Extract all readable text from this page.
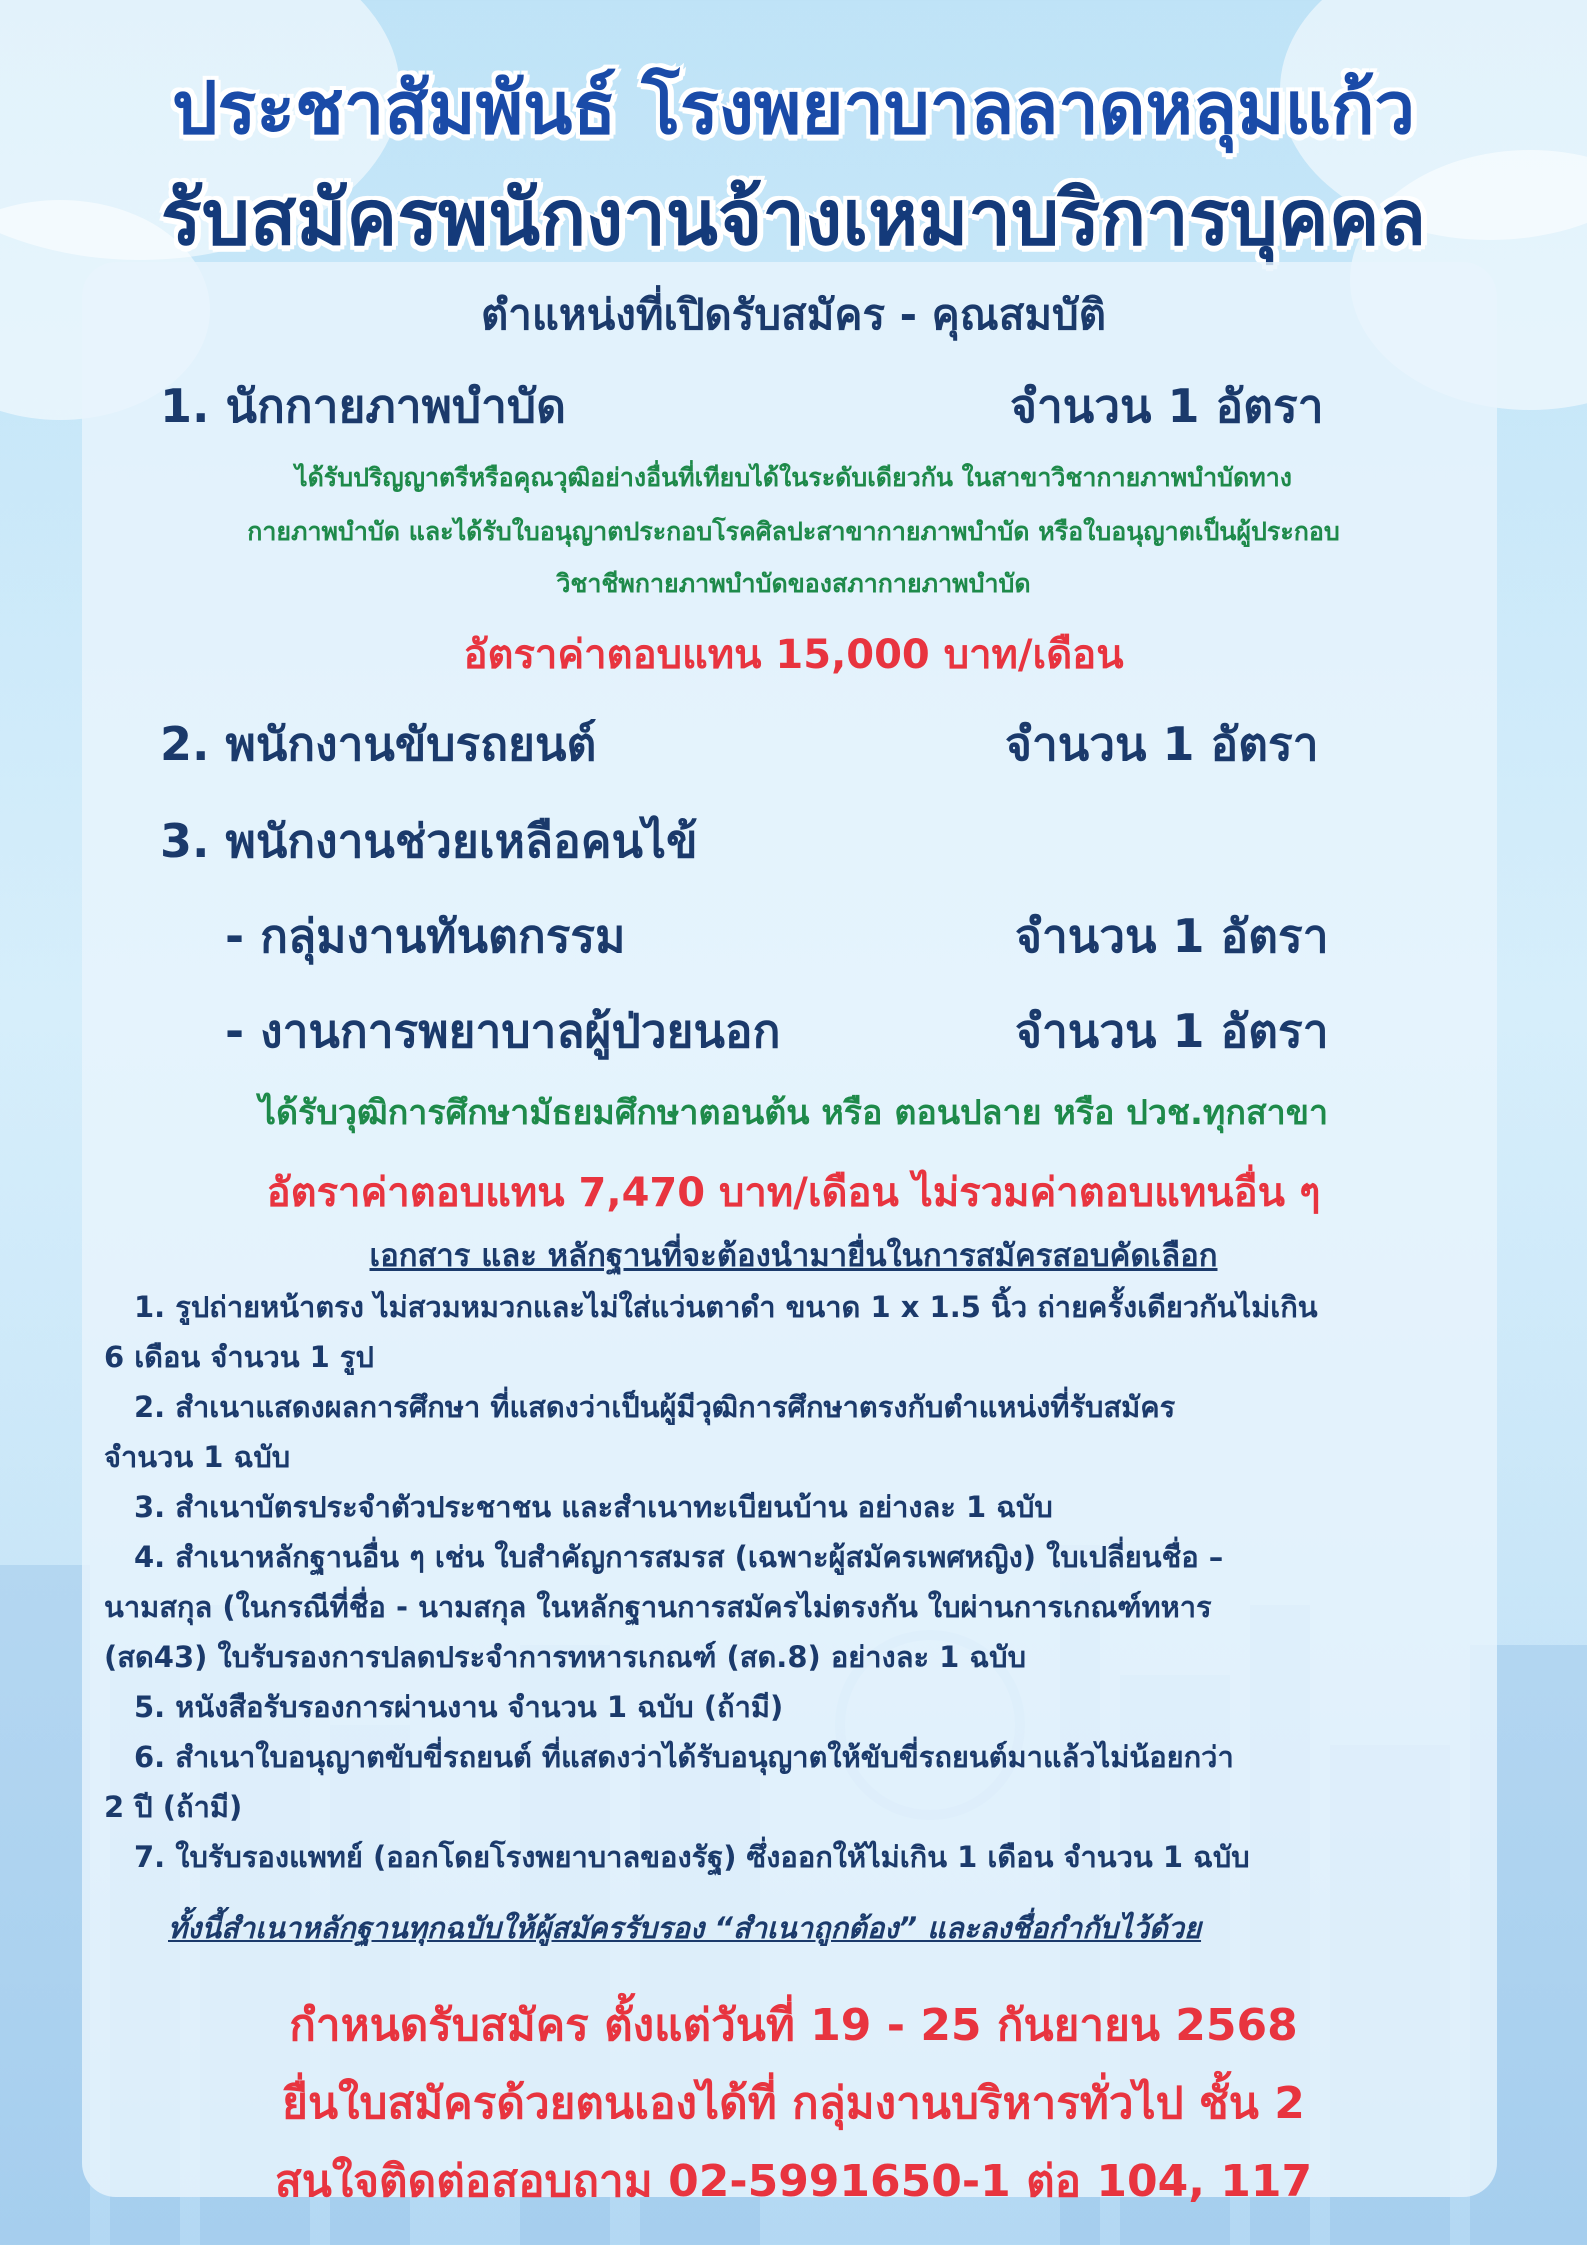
ประชาสัมพันธ์ โรงพยาบาลลาดหลุมแก้ว
รับสมัครพนักงานจ้างเหมาบริการบุคคล
ตำแหน่งที่เปิดรับสมัคร - คุณสมบัติ
1. นักกายภาพบำบัด	จำนวน 1 อัตรา
ได้รับปริญญาตรีหรือคุณวุฒิอย่างอื่นที่เทียบได้ในระดับเดียวกัน ในสาขาวิชากายภาพบำบัดทาง
กายภาพบำบัด และได้รับใบอนุญาตประกอบโรคศิลปะสาขากายภาพบำบัด หรือใบอนุญาตเป็นผู้ประกอบ
วิชาชีพกายภาพบำบัดของสภากายภาพบำบัด
อัตราค่าตอบแทน 15,000 บาท/เดือน
2. พนักงานขับรถยนต์	จำนวน 1 อัตรา
3. พนักงานช่วยเหลือคนไข้
- กลุ่มงานทันตกรรม	จำนวน 1 อัตรา
- งานการพยาบาลผู้ป่วยนอก	จำนวน 1 อัตรา
ได้รับวุฒิการศึกษามัธยมศึกษาตอนต้น หรือ ตอนปลาย หรือ ปวช.ทุกสาขา
อัตราค่าตอบแทน 7,470 บาท/เดือน ไม่รวมค่าตอบแทนอื่น ๆ
เอกสาร และ หลักฐานที่จะต้องนำมายื่นในการสมัครสอบคัดเลือก
1. รูปถ่ายหน้าตรง ไม่สวมหมวกและไม่ใส่แว่นตาดำ ขนาด 1 x 1.5 นิ้ว ถ่ายครั้งเดียวกันไม่เกิน
6 เดือน จำนวน 1 รูป
2. สำเนาแสดงผลการศึกษา ที่แสดงว่าเป็นผู้มีวุฒิการศึกษาตรงกับตำแหน่งที่รับสมัคร
จำนวน 1 ฉบับ
3. สำเนาบัตรประจำตัวประชาชน และสำเนาทะเบียนบ้าน อย่างละ 1 ฉบับ
4. สำเนาหลักฐานอื่น ๆ เช่น ใบสำคัญการสมรส (เฉพาะผู้สมัครเพศหญิง) ใบเปลี่ยนชื่อ –
นามสกุล (ในกรณีที่ชื่อ - นามสกุล ในหลักฐานการสมัครไม่ตรงกัน ใบผ่านการเกณฑ์ทหาร
(สด43) ใบรับรองการปลดประจำการทหารเกณฑ์ (สด.8) อย่างละ 1 ฉบับ
5. หนังสือรับรองการผ่านงาน จำนวน 1 ฉบับ (ถ้ามี)
6. สำเนาใบอนุญาตขับขี่รถยนต์ ที่แสดงว่าได้รับอนุญาตให้ขับขี่รถยนต์มาแล้วไม่น้อยกว่า
2 ปี (ถ้ามี)
7. ใบรับรองแพทย์ (ออกโดยโรงพยาบาลของรัฐ) ซึ่งออกให้ไม่เกิน 1 เดือน จำนวน 1 ฉบับ
ทั้งนี้สำเนาหลักฐานทุกฉบับให้ผู้สมัครรับรอง “สำเนาถูกต้อง” และลงชื่อกำกับไว้ด้วย
กำหนดรับสมัคร ตั้งแต่วันที่ 19 - 25 กันยายน 2568
ยื่นใบสมัครด้วยตนเองได้ที่ กลุ่มงานบริหารทั่วไป ชั้น 2
สนใจติดต่อสอบถาม 02-5991650-1 ต่อ 104, 117
